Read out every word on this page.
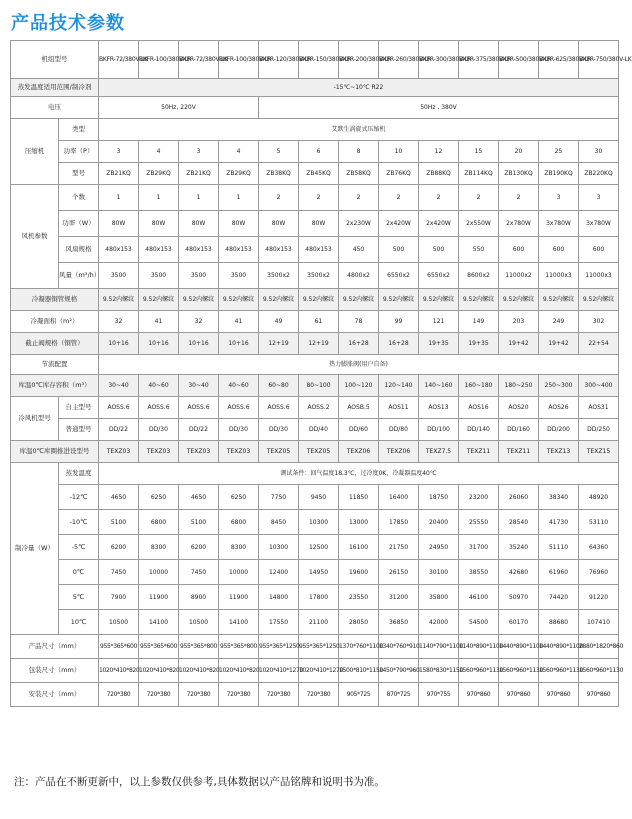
产品技术参数
机组型号		BKFR-72/380V-LK	BKFR-100/380V-LK	BKFR-72/380V-LK	BKFR-100/380V-LK	BKFR-120/380V-LK	BKFR-150/380V-LK	BKFR-200/380V-LK	BKFR-260/380V-LK	BKFR-300/380V-LK	BKFR-375/380V-LK	BKFR-500/380V-LK	BKFR-625/380V-LK	BKFR-750/380V-LK
蒸发温度适用范围/制冷剂		-15℃~10℃ R22												
电压		50Hz, 220V				50Hz , 380V								
压缩机	类型	艾默生涡旋式压缩机												
	功率（P）	3	4	3	4	5	6	8	10	12	15	20	25	30
	型号	ZB21KQ	ZB29KQ	ZB21KQ	ZB29KQ	ZB38KQ	ZB45KQ	ZB58KQ	ZB76KQ	ZB88KQ	ZB114KQ	ZB130KQ	ZB190KQ	ZB220KQ
风机参数	个数	1	1	1	1	2	2	2	2	2	2	2	3	3
	功率（W）	80W	80W	80W	80W	80W	80W	2x230W	2x420W	2x420W	2x550W	2x780W	3x780W	3x780W
	风扇规格	480x153	480x153	480x153	480x153	480x153	480x153	450	500	500	550	600	600	600
	风量（m³/h）	3500	3500	3500	3500	3500x2	3500x2	4800x2	6550x2	6550x2	8600x2	11000x2	11000x3	11000x3
冷凝器铜管规格		9.52内螺纹	9.52内螺纹	9.52内螺纹	9.52内螺纹	9.52内螺纹	9.52内螺纹	9.52内螺纹	9.52内螺纹	9.52内螺纹	9.52内螺纹	9.52内螺纹	9.52内螺纹	9.52内螺纹
冷凝面积（m²）		32	41	32	41	49	61	78	99	121	149	203	249	302
截止阀规格（铜管）		10+16	10+16	10+16	10+16	12+19	12+19	16+28	16+28	19+35	19+35	19+42	19+42	22+54
节流配置		热力膨胀阀(用户自备)												
库温0℃库存容积（m³）		30~40	40~60	30~40	40~60	60~80	80~100	100~120	120~140	140~160	160~180	180~250	250~300	300~400
冷风机型号	自主型号	AOSS.6	AOSS.6	AOSS.6	AOSS.6	AOSS.6	AOSS.2	AOSB.5	AOS11	AOS13	AOS16	AOS20	AOS26	AOS31
	普通型号	DD/22	DD/30	DD/22	DD/30	DD/30	DD/40	DD/60	DD/80	DD/100	DD/140	DD/160	DD/200	DD/250
库温0℃库圈推进设型号		TEXZ03	TEXZ03	TEXZ03	TEXZ03	TEXZ05	TEXZ05	TEXZ06	TEXZ06	TEXZ7.5	TEXZ11	TEXZ11	TEXZ13	TEXZ15
制冷量（W）	蒸发温度	测试条件：回气温度18.3℃，过冷度0K，冷凝器温度40℃												
	-12℃	4650	6250	4650	6250	7750	9450	11850	16400	18750	23200	26060	38340	48920
	-10℃	5100	6800	5100	6800	8450	10300	13000	17850	20400	25550	28540	41730	53110
	-5℃	6200	8300	6200	8300	10300	12500	16100	21750	24950	31700	35240	51110	64360
	0℃	7450	10000	7450	10000	12400	14950	19600	26150	30100	38550	42680	61960	76960
	5℃	7900	11900	8900	11900	14800	17800	23550	31200	35800	46100	50970	74420	91220
	10℃	10500	14100	10500	14100	17550	21100	28050	36850	42000	54500	60170	88680	107410
产品尺寸（mm）		955*365*600	955*365*600	955*365*800	955*365*800	955*365*1250	955*365*1250	1370*760*1100	1340*760*910	1140*790*1100	1140*890*1100	1440*890*1100	1440*890*1100	2880*1820*860
包装尺寸（mm）		1020*410*820	1020*410*820	1020*410*820	1020*410*820	1020*410*1270	1020*410*1270	1500*810*1150	1450*790*960	1580*830*1150	1560*960*1130	1560*960*1130	1560*960*1130	1560*960*1130
安装尺寸（mm）		720*380	720*380	720*380	720*380	720*380	720*380	905*725	870*725	970*755	970*860	970*860	970*860	970*860
注：产品在不断更新中，以上参数仅供参考,具体数据以产品铭牌和说明书为准。
